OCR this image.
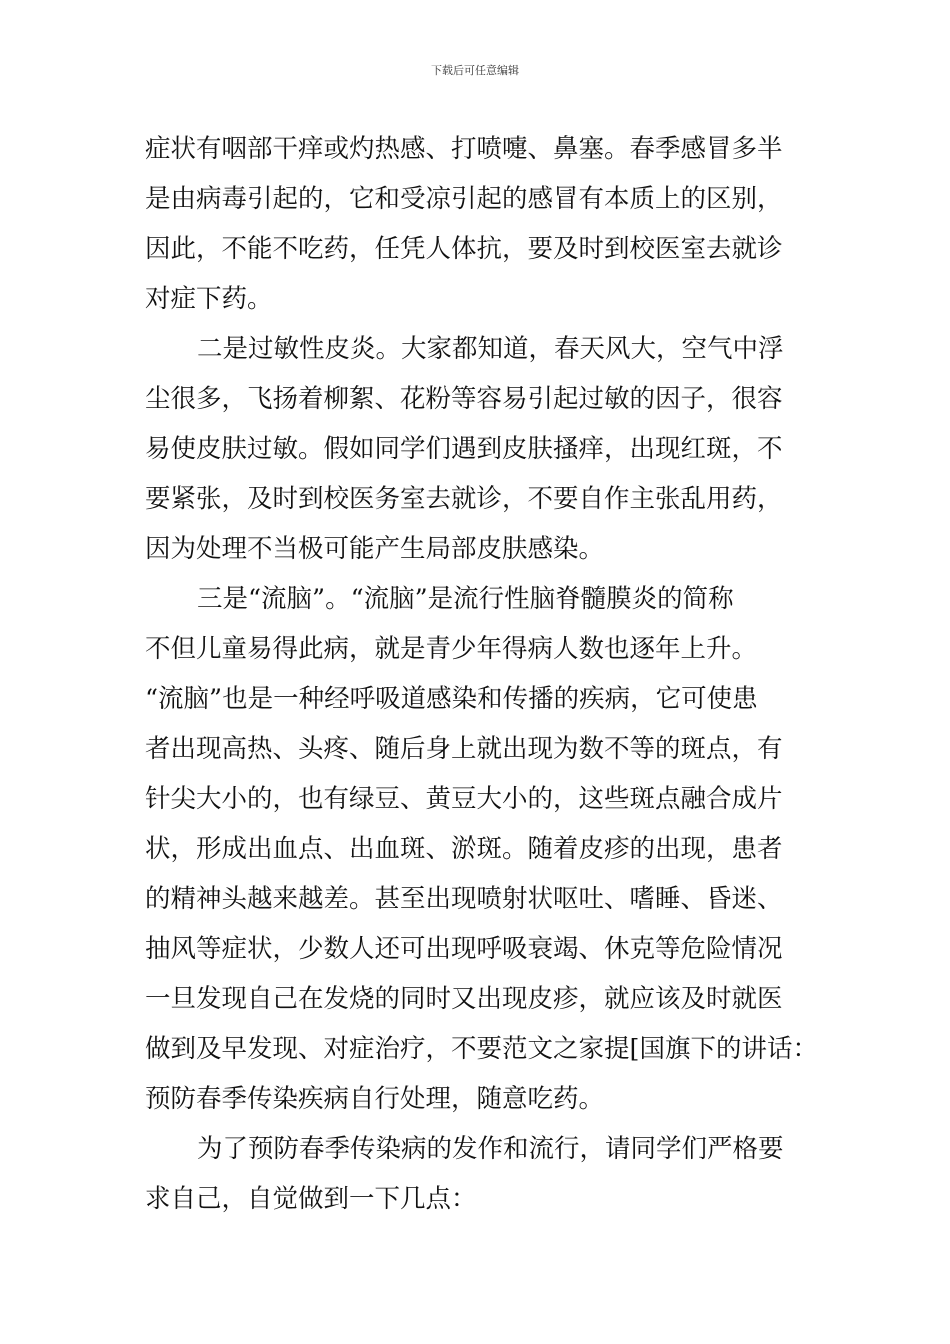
下载后可任意编辑
症状有咽部干痒或灼热感、打喷嚏、鼻塞。春季感冒多半
是由病毒引起的，它和受凉引起的感冒有本质上的区别，
因此，不能不吃药，任凭人体抗，要及时到校医室去就诊
对症下药。
二是过敏性皮炎。大家都知道，春天风大，空气中浮
尘很多，飞扬着柳絮、花粉等容易引起过敏的因子，很容
易使皮肤过敏。假如同学们遇到皮肤搔痒，出现红斑，不
要紧张，及时到校医务室去就诊，不要自作主张乱用药，
因为处理不当极可能产生局部皮肤感染。
三是“流脑”。“流脑”是流行性脑脊髓膜炎的简称
不但儿童易得此病，就是青少年得病人数也逐年上升。
“流脑”也是一种经呼吸道感染和传播的疾病，它可使患
者出现高热、头疼、随后身上就出现为数不等的斑点，有
针尖大小的，也有绿豆、黄豆大小的，这些斑点融合成片
状，形成出血点、出血斑、淤斑。随着皮疹的出现，患者
的精神头越来越差。甚至出现喷射状呕吐、嗜睡、昏迷、
抽风等症状，少数人还可出现呼吸衰竭、休克等危险情况
一旦发现自己在发烧的同时又出现皮疹，就应该及时就医
做到及早发现、对症治疗，不要范文之家提[国旗下的讲话：
预防春季传染疾病自行处理，随意吃药。
为了预防春季传染病的发作和流行，请同学们严格要
求自己，自觉做到一下几点：
